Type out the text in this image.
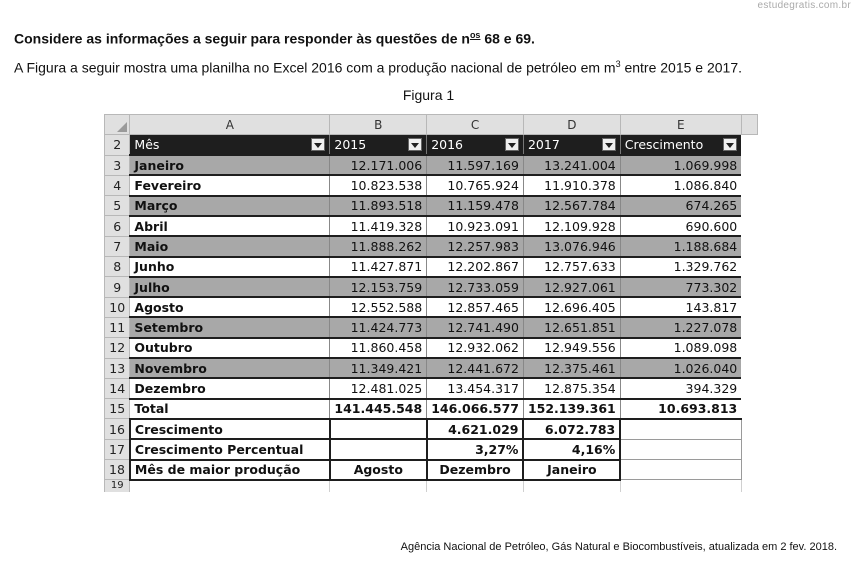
estudegratis.com.br
Considere as informações a seguir para responder às questões de $n^{os}$ 68 e 69.
A Figura a seguir mostra uma planilha no Excel 2016 com a produção nacional de petróleo em $m^3$ entre 2015 e 2017.
Figura 1
	A	B	C	D	E	
2	Mês	2015	2016	2017	Crescimento	

3	Janeiro	12.171.006	11.597.169	13.241.004	1.069.998	
4	Fevereiro	10.823.538	10.765.924	11.910.378	1.086.840	
5	Março	11.893.518	11.159.478	12.567.784	674.265	
6	Abril	11.419.328	10.923.091	12.109.928	690.600	
7	Maio	11.888.262	12.257.983	13.076.946	1.188.684	
8	Junho	11.427.871	12.202.867	12.757.633	1.329.762	
9	Julho	12.153.759	12.733.059	12.927.061	773.302	
10	Agosto	12.552.588	12.857.465	12.696.405	143.817	
11	Setembro	11.424.773	12.741.490	12.651.851	1.227.078	
12	Outubro	11.860.458	12.932.062	12.949.556	1.089.098	
13	Novembro	11.349.421	12.441.672	12.375.461	1.026.040	
14	Dezembro	12.481.025	13.454.317	12.875.354	394.329	
15	Total	141.445.548	146.066.577	152.139.361	10.693.813	
16	Crescimento		4.621.029	6.072.783		
17	Crescimento Percentual		3,27%	4,16%		
18	Mês de maior produção	Agosto	Dezembro	Janeiro		
19						
Agência Nacional de Petróleo, Gás Natural e Biocombustíveis, atualizada em 2 fev. 2018.
